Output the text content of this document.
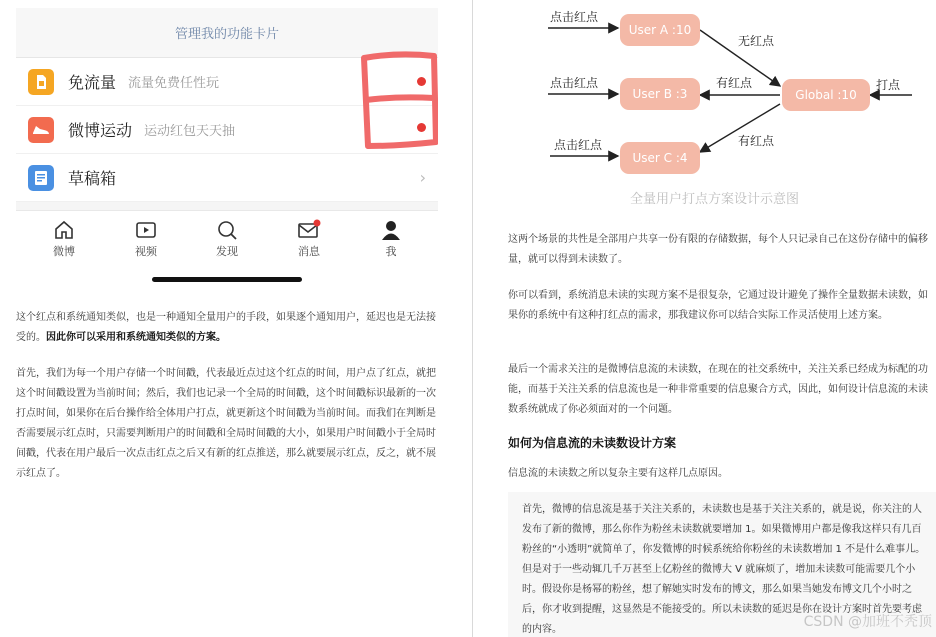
管理我的功能卡片
免流量 流量免费任性玩
微博运动 运动红包天天抽
草稿箱	›
微博	视频	发现	消息	我
这个红点和系统通知类似，也是一种通知全量用户的手段，如果逐个通知用户，延迟也是无法接受的。因此你可以采用和系统通知类似的方案。
首先，我们为每一个用户存储一个时间戳，代表最近点过这个红点的时间，用户点了红点，就把这个时间戳设置为当前时间；然后，我们也记录一个全局的时间戳，这个时间戳标识最新的一次打点时间，如果你在后台操作给全体用户打点，就更新这个时间戳为当前时间。而我们在判断是否需要展示红点时，只需要判断用户的时间戳和全局时间戳的大小，如果用户时间戳小于全局时间戳，代表在用户最后一次点击红点之后又有新的红点推送，那么就要展示红点，反之，就不展示红点了。
User A :10
User B :3
User C :4
Global :10
点击红点
点击红点
点击红点
无红点
有红点
有红点
打点
全量用户打点方案设计示意图
这两个场景的共性是全部用户共享一份有限的存储数据，每个人只记录自己在这份存储中的偏移量，就可以得到未读数了。
你可以看到，系统消息未读的实现方案不是很复杂，它通过设计避免了操作全量数据未读数，如果你的系统中有这种打红点的需求，那我建议你可以结合实际工作灵活使用上述方案。
最后一个需求关注的是微博信息流的未读数，在现在的社交系统中，关注关系已经成为标配的功能，而基于关注关系的信息流也是一种非常重要的信息聚合方式，因此，如何设计信息流的未读数系统就成了你必须面对的一个问题。
如何为信息流的未读数设计方案
信息流的未读数之所以复杂主要有这样几点原因。
首先，微博的信息流是基于关注关系的，未读数也是基于关注关系的，就是说，你关注的人发布了新的微博，那么你作为粉丝未读数就要增加 1。如果微博用户都是像我这样只有几百粉丝的“小透明”就简单了，你发微博的时候系统给你粉丝的未读数增加 1 不是什么难事儿。但是对于一些动辄几千万甚至上亿粉丝的微博大 V 就麻烦了，增加未读数可能需要几个小时。假设你是杨幂的粉丝，想了解她实时发布的博文，那么如果当她发布博文几个小时之后，你才收到提醒，这显然是不能接受的。所以未读数的延迟是你在设计方案时首先要考虑的内容。	CSDN @加班不秃顶
